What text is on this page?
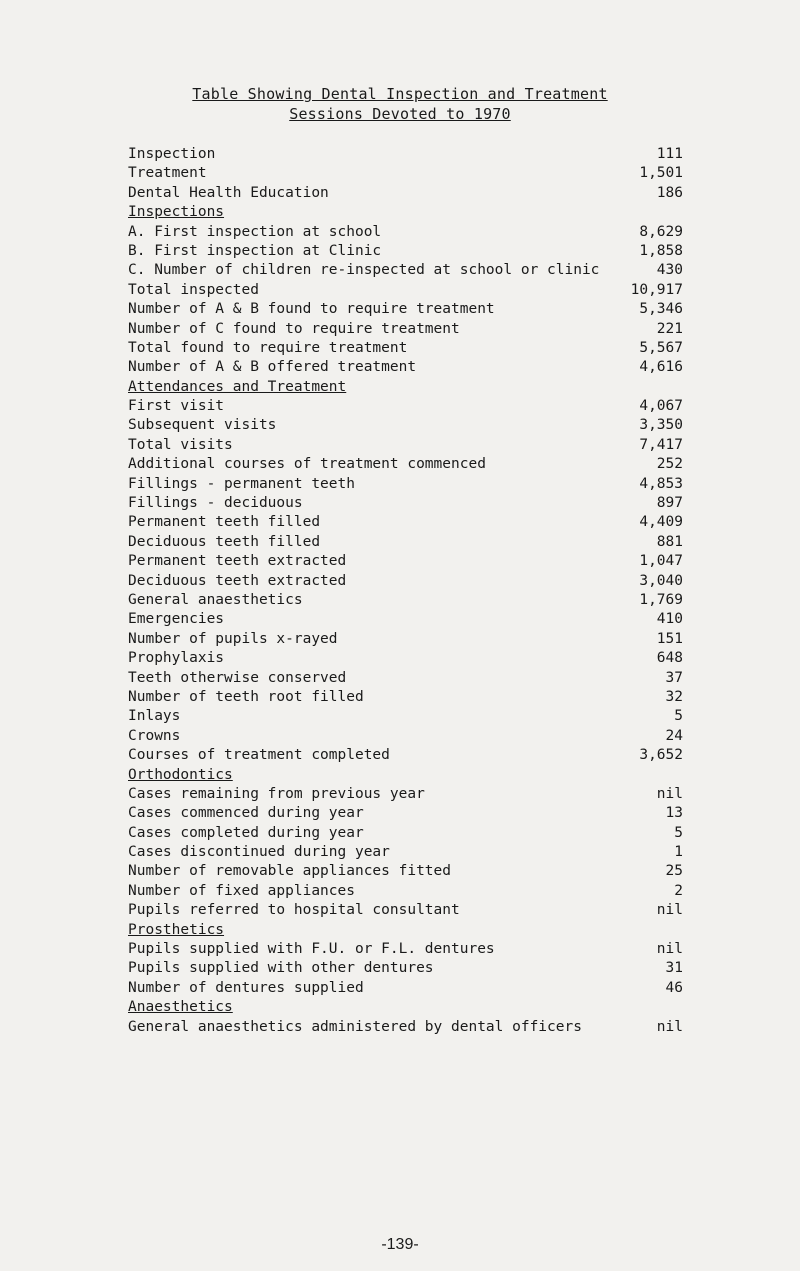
Table Showing Dental Inspection and Treatment
Sessions Devoted to 1970
Inspection	111
Treatment	1,501
Dental Health Education	186
Inspections
A. First inspection at school	8,629
B. First inspection at Clinic	1,858
C. Number of children re-inspected at school or clinic	430
Total inspected	10,917
Number of A & B found to require treatment	5,346
Number of C found to require treatment	221
Total found to require treatment	5,567
Number of A & B offered treatment	4,616
Attendances and Treatment
First visit	4,067
Subsequent visits	3,350
Total visits	7,417
Additional courses of treatment commenced	252
Fillings - permanent teeth	4,853
Fillings - deciduous	897
Permanent teeth filled	4,409
Deciduous teeth filled	881
Permanent teeth extracted	1,047
Deciduous teeth extracted	3,040
General anaesthetics	1,769
Emergencies	410
Number of pupils x-rayed	151
Prophylaxis	648
Teeth otherwise conserved	37
Number of teeth root filled	32
Inlays	5
Crowns	24
Courses of treatment completed	3,652
Orthodontics
Cases remaining from previous year	nil
Cases commenced during year	13
Cases completed during year	5
Cases discontinued during year	1
Number of removable appliances fitted	25
Number of fixed appliances	2
Pupils referred to hospital consultant	nil
Prosthetics
Pupils supplied with F.U. or F.L. dentures	nil
Pupils supplied with other dentures	31
Number of dentures supplied	46
Anaesthetics
General anaesthetics administered by dental officers	nil
-139-
